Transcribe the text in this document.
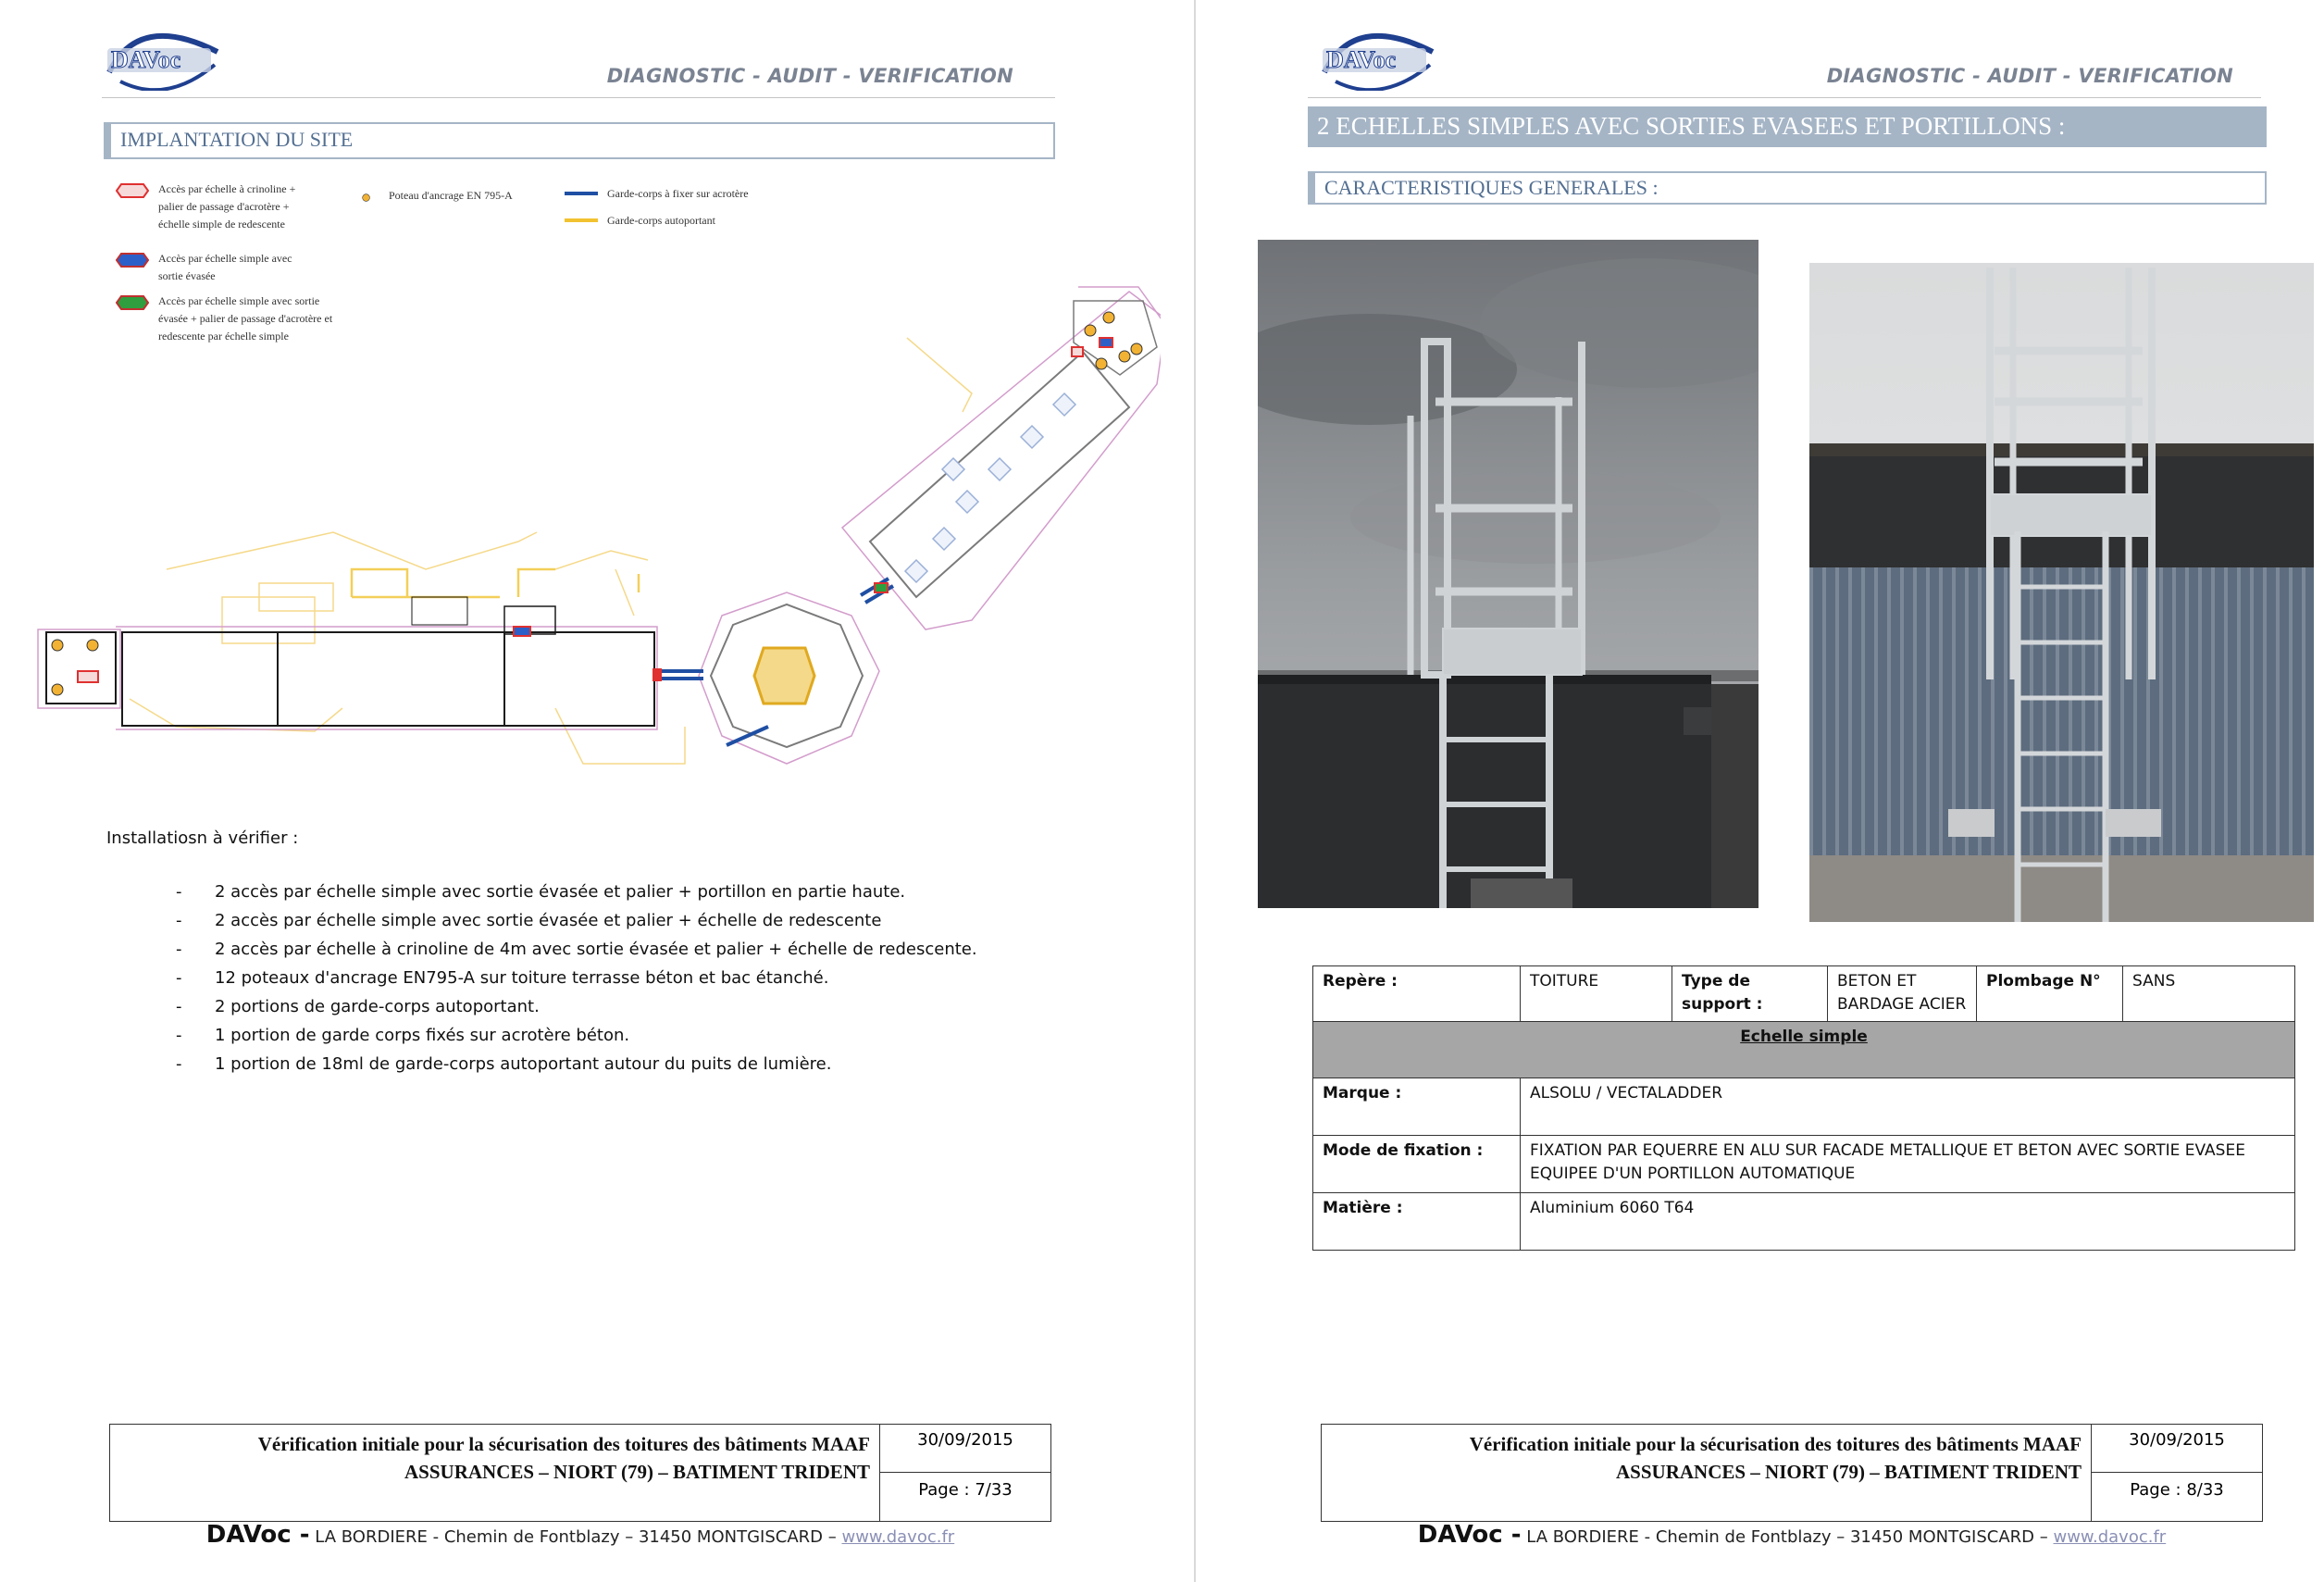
DAVoc
DIAGNOSTIC - AUDIT - VERIFICATION
IMPLANTATION DU SITE
Accès par échelle à crinoline +
palier de passage d'acrotère +
échelle simple de redescente
Poteau d'ancrage EN 795-A	Garde-corps à fixer sur acrotère
Garde-corps autoportant
Accès par échelle simple avec
sortie évasée
Accès par échelle simple avec sortie
évasée + palier de passage d'acrotère et
redescente par échelle simple
Installatiosn à vérifier :
- 2 accès par échelle simple avec sortie évasée et palier + portillon en partie haute.
- 2 accès par échelle simple avec sortie évasée et palier + échelle de redescente
- 2 accès par échelle à crinoline de 4m avec sortie évasée et palier + échelle de redescente.
- 12 poteaux d'ancrage EN795-A sur toiture terrasse béton et bac étanché.
- 2 portions de garde-corps autoportant.
- 1 portion de garde corps fixés sur acrotère béton.
- 1 portion de 18ml de garde-corps autoportant autour du puits de lumière.
Vérification initiale pour la sécurisation des toitures des bâtiments MAAF
ASSURANCES – NIORT (79) – BATIMENT TRIDENT
30/09/2015
Page : 7/33
DAVoc - LA BORDIERE - Chemin de Fontblazy – 31450 MONTGISCARD – www.davoc.fr
DAVoc
DIAGNOSTIC - AUDIT - VERIFICATION
2 ECHELLES SIMPLES AVEC SORTIES EVASEES ET PORTILLONS :
CARACTERISTIQUES GENERALES :
Repère :	TOITURE	Type de support :	BETON ET BARDAGE ACIER	Plombage N°	SANS
Echelle simple					
Marque :	ALSOLU / VECTALADDER				
Mode de fixation :	FIXATION PAR EQUERRE EN ALU SUR FACADE METALLIQUE ET BETON AVEC SORTIE EVASEE EQUIPEE D'UN PORTILLON AUTOMATIQUE				
Matière :	Aluminium 6060 T64				
Vérification initiale pour la sécurisation des toitures des bâtiments MAAF
ASSURANCES – NIORT (79) – BATIMENT TRIDENT
30/09/2015
Page : 8/33
DAVoc - LA BORDIERE - Chemin de Fontblazy – 31450 MONTGISCARD – www.davoc.fr
